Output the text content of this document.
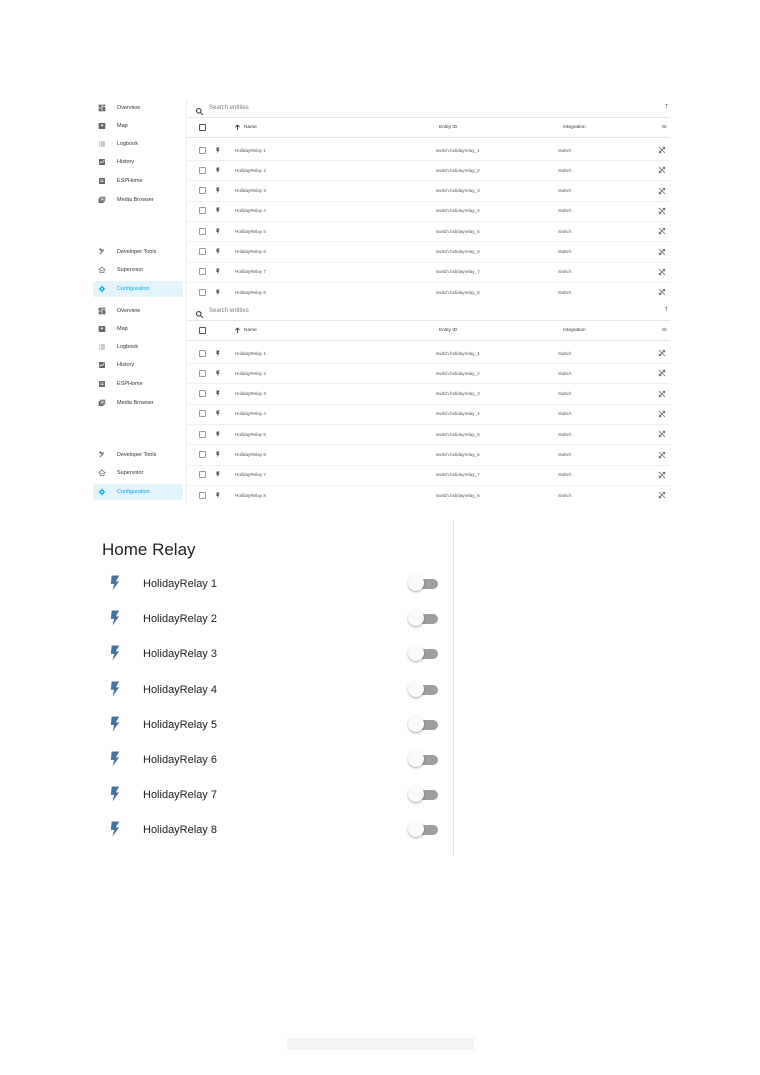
Overview
Map
Logbook
History
ESPHome
Media Browser
Developer Tools
Supervisor
Configuration
Search entities	T
Name	Entity ID	Integration	St
HolidayRelay 1	switch.holidayrelay_1	Switch
HolidayRelay 2	switch.holidayrelay_2	Switch
HolidayRelay 3	switch.holidayrelay_3	Switch
HolidayRelay 4	switch.holidayrelay_4	Switch
HolidayRelay 5	switch.holidayrelay_5	Switch
HolidayRelay 6	switch.holidayrelay_6	Switch
HolidayRelay 7	switch.holidayrelay_7	Switch
HolidayRelay 8	switch.holidayrelay_8	Switch
Overview
Map
Logbook
History
ESPHome
Media Browser
Developer Tools
Supervisor
Configuration
Search entities	T
Name	Entity ID	Integration	St
HolidayRelay 1	switch.holidayrelay_1	Switch
HolidayRelay 2	switch.holidayrelay_2	Switch
HolidayRelay 3	switch.holidayrelay_3	Switch
HolidayRelay 4	switch.holidayrelay_4	Switch
HolidayRelay 5	switch.holidayrelay_5	Switch
HolidayRelay 6	switch.holidayrelay_6	Switch
HolidayRelay 7	switch.holidayrelay_7	Switch
HolidayRelay 8	switch.holidayrelay_8	Switch
Home Relay
HolidayRelay 1
HolidayRelay 2
HolidayRelay 3
HolidayRelay 4
HolidayRelay 5
HolidayRelay 6
HolidayRelay 7
HolidayRelay 8
